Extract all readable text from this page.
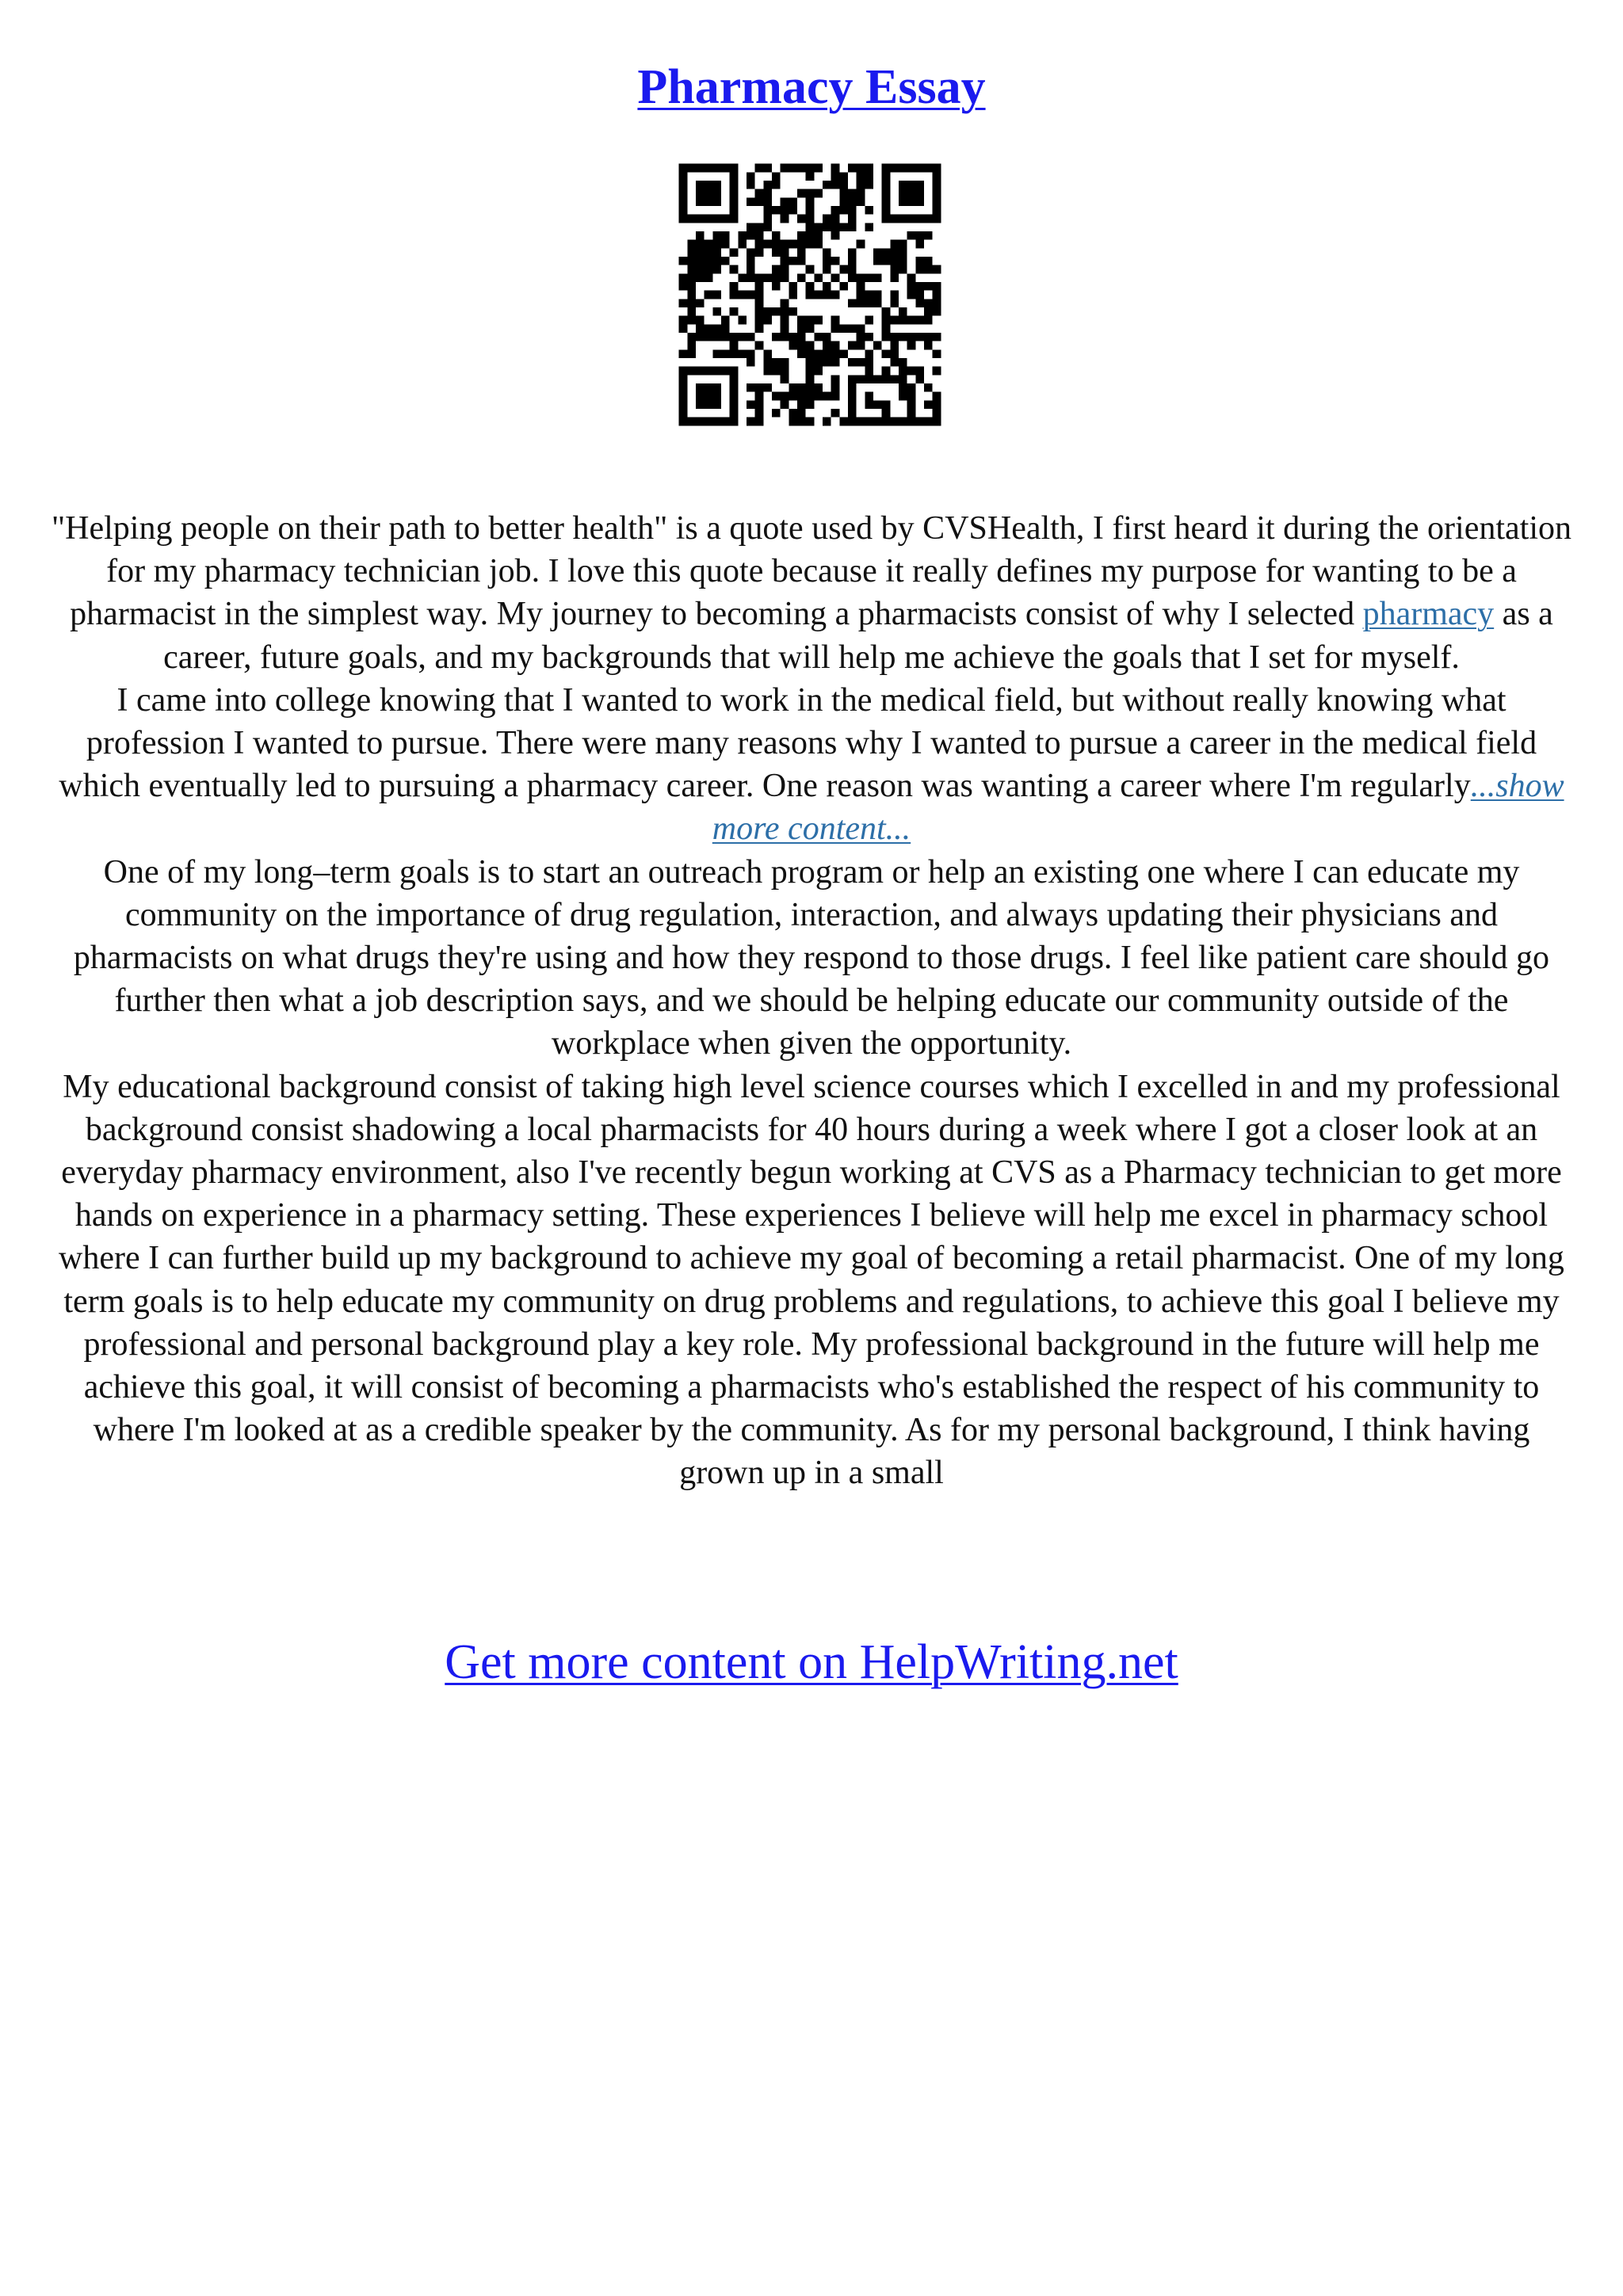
Pharmacy Essay
"Helping people on their path to better health" is a quote used by CVSHealth, I first heard it during the orientation for my pharmacy technician job. I love this quote because it really defines my purpose for wanting to be a pharmacist in the simplest way. My journey to becoming a pharmacists consist of why I selected pharmacy as a career, future goals, and my backgrounds that will help me achieve the goals that I set for myself.
I came into college knowing that I wanted to work in the medical field, but without really knowing what profession I wanted to pursue. There were many reasons why I wanted to pursue a career in the medical field which eventually led to pursuing a pharmacy career. One reason was wanting a career where I'm regularly...show more content...
One of my long–term goals is to start an outreach program or help an existing one where I can educate my community on the importance of drug regulation, interaction, and always updating their physicians and pharmacists on what drugs they're using and how they respond to those drugs. I feel like patient care should go further then what a job description says, and we should be helping educate our community outside of the workplace when given the opportunity.
My educational background consist of taking high level science courses which I excelled in and my professional background consist shadowing a local pharmacists for 40 hours during a week where I got a closer look at an everyday pharmacy environment, also I've recently begun working at CVS as a Pharmacy technician to get more hands on experience in a pharmacy setting. These experiences I believe will help me excel in pharmacy school where I can further build up my background to achieve my goal of becoming a retail pharmacist. One of my long term goals is to help educate my community on drug problems and regulations, to achieve this goal I believe my professional and personal background play a key role. My professional background in the future will help me achieve this goal, it will consist of becoming a pharmacists who's established the respect of his community to where I'm looked at as a credible speaker by the community. As for my personal background, I think having grown up in a small
Get more content on HelpWriting.net
